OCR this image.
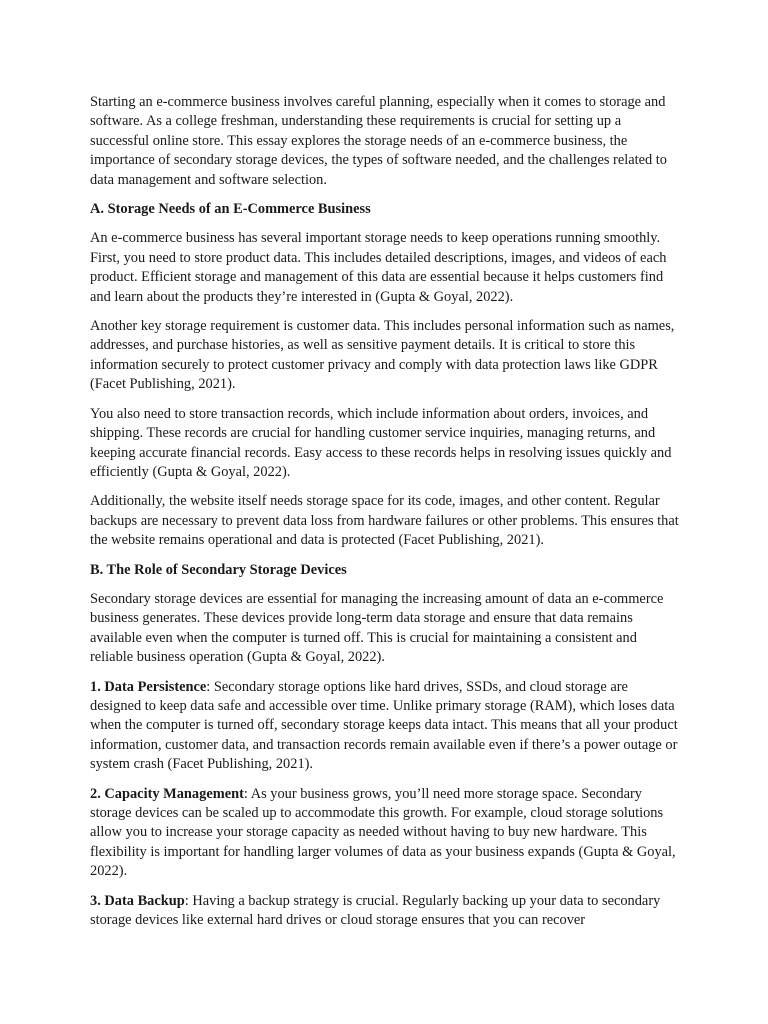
Starting an e-commerce business involves careful planning, especially when it comes to storage and software. As a college freshman, understanding these requirements is crucial for setting up a successful online store. This essay explores the storage needs of an e-commerce business, the importance of secondary storage devices, the types of software needed, and the challenges related to data management and software selection.

A. Storage Needs of an E-Commerce Business

An e-commerce business has several important storage needs to keep operations running smoothly. First, you need to store product data. This includes detailed descriptions, images, and videos of each product. Efficient storage and management of this data are essential because it helps customers find and learn about the products they’re interested in (Gupta & Goyal, 2022).

Another key storage requirement is customer data. This includes personal information such as names, addresses, and purchase histories, as well as sensitive payment details. It is critical to store this information securely to protect customer privacy and comply with data protection laws like GDPR (Facet Publishing, 2021).

You also need to store transaction records, which include information about orders, invoices, and shipping. These records are crucial for handling customer service inquiries, managing returns, and keeping accurate financial records. Easy access to these records helps in resolving issues quickly and efficiently (Gupta & Goyal, 2022).

Additionally, the website itself needs storage space for its code, images, and other content. Regular backups are necessary to prevent data loss from hardware failures or other problems. This ensures that the website remains operational and data is protected (Facet Publishing, 2021).

B. The Role of Secondary Storage Devices

Secondary storage devices are essential for managing the increasing amount of data an e-commerce business generates. These devices provide long-term data storage and ensure that data remains available even when the computer is turned off. This is crucial for maintaining a consistent and reliable business operation (Gupta & Goyal, 2022).

1. Data Persistence: Secondary storage options like hard drives, SSDs, and cloud storage are designed to keep data safe and accessible over time. Unlike primary storage (RAM), which loses data when the computer is turned off, secondary storage keeps data intact. This means that all your product information, customer data, and transaction records remain available even if there’s a power outage or system crash (Facet Publishing, 2021).

2. Capacity Management: As your business grows, you’ll need more storage space. Secondary storage devices can be scaled up to accommodate this growth. For example, cloud storage solutions allow you to increase your storage capacity as needed without having to buy new hardware. This flexibility is important for handling larger volumes of data as your business expands (Gupta & Goyal, 2022).

3. Data Backup: Having a backup strategy is crucial. Regularly backing up your data to secondary storage devices like external hard drives or cloud storage ensures that you can recover
